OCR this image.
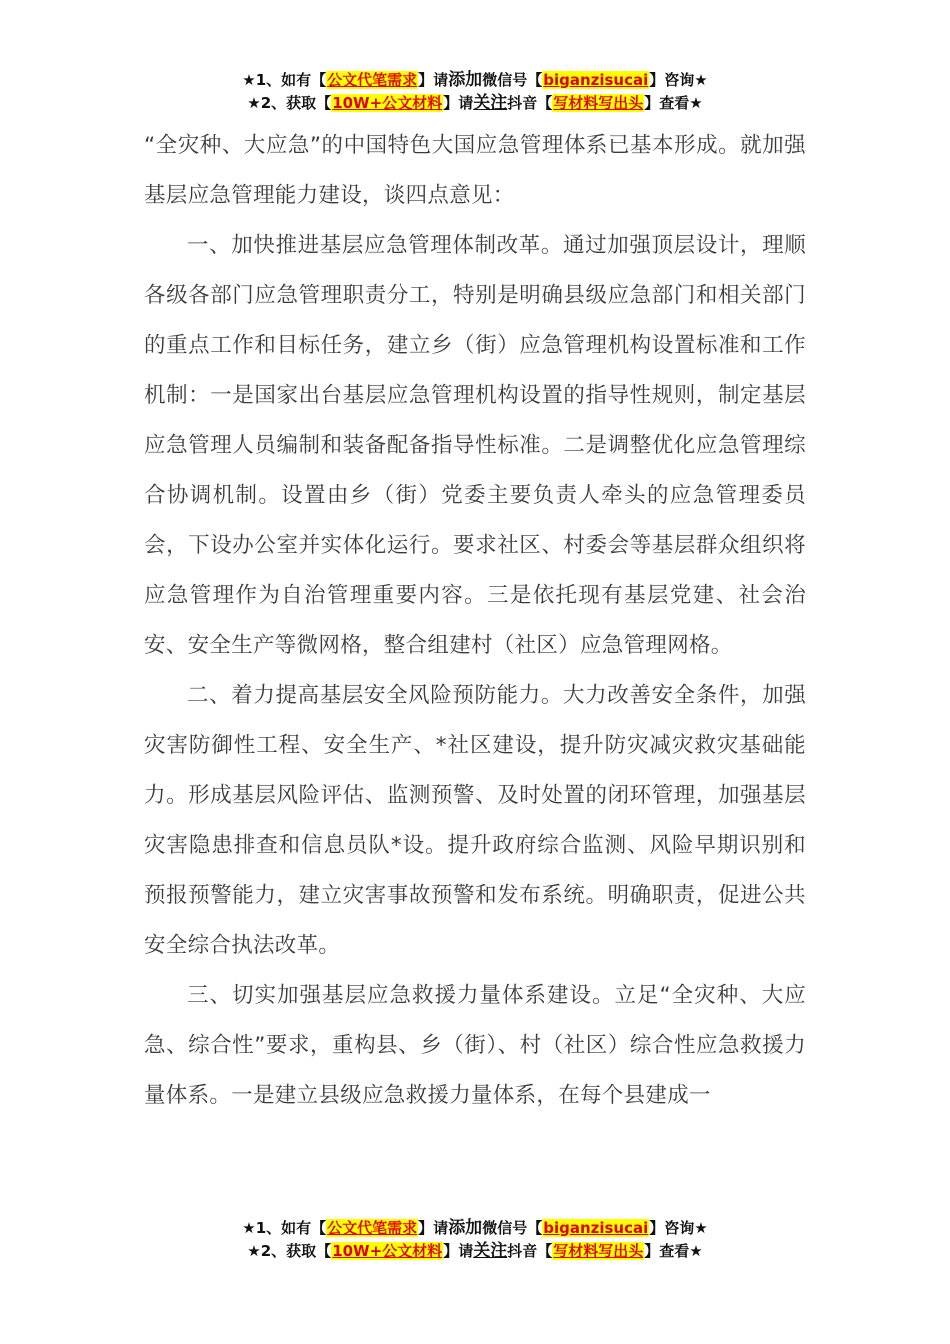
★1、如有【公文代笔需求】请添加微信号【biganzisucai】咨询★
★2、获取【10W+公文材料】请关注抖音【写材料写出头】查看★

“全灾种、大应急”的中国特色大国应急管理体系已基本形成。就加强基层应急管理能力建设，谈四点意见：

一、加快推进基层应急管理体制改革。通过加强顶层设计，理顺各级各部门应急管理职责分工，特别是明确县级应急部门和相关部门的重点工作和目标任务，建立乡（街）应急管理机构设置标准和工作机制：一是国家出台基层应急管理机构设置的指导性规则，制定基层应急管理人员编制和装备配备指导性标准。二是调整优化应急管理综合协调机制。设置由乡（街）党委主要负责人牵头的应急管理委员会，下设办公室并实体化运行。要求社区、村委会等基层群众组织将应急管理作为自治管理重要内容。三是依托现有基层党建、社会治安、安全生产等微网格，整合组建村（社区）应急管理网格。

二、着力提高基层安全风险预防能力。大力改善安全条件，加强灾害防御性工程、安全生产、*社区建设，提升防灾减灾救灾基础能力。形成基层风险评估、监测预警、及时处置的闭环管理，加强基层灾害隐患排查和信息员队*设。提升政府综合监测、风险早期识别和预报预警能力，建立灾害事故预警和发布系统。明确职责，促进公共安全综合执法改革。

三、切实加强基层应急救援力量体系建设。立足“全灾种、大应急、综合性”要求，重构县、乡（街）、村（社区）综合性应急救援力量体系。一是建立县级应急救援力量体系，在每个县建成一

★1、如有【公文代笔需求】请添加微信号【biganzisucai】咨询★
★2、获取【10W+公文材料】请关注抖音【写材料写出头】查看★
